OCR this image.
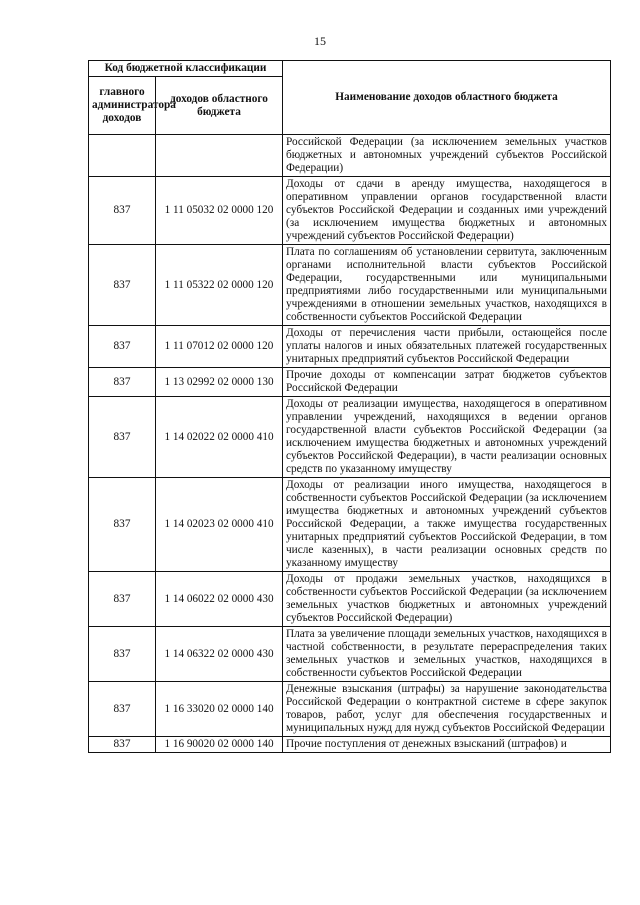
15
Код бюджетной классификации		Наименование доходов областного бюджета
главного администратора доходов	доходов областного бюджета	
		Российской Федерации (за исключением земельных участков бюджетных и автономных учреждений субъектов Российской Федерации)
837	1 11 05032 02 0000 120	Доходы от сдачи в аренду имущества, находящегося в оперативном управлении органов государственной власти субъектов Российской Федерации и созданных ими учреждений (за исключением имущества бюджетных и автономных учреждений субъектов Российской Федерации)
837	1 11 05322 02 0000 120	Плата по соглашениям об установлении сервитута, заключенным органами исполнительной власти субъектов Российской Федерации, государственными или муниципальными предприятиями либо государственными или муниципальными учреждениями в отношении земельных участков, находящихся в собственности субъектов Российской Федерации
837	1 11 07012 02 0000 120	Доходы от перечисления части прибыли, остающейся после уплаты налогов и иных обязательных платежей государственных унитарных предприятий субъектов Российской Федерации
837	1 13 02992 02 0000 130	Прочие доходы от компенсации затрат бюджетов субъектов Российской Федерации
837	1 14 02022 02 0000 410	Доходы от реализации имущества, находящегося в оперативном управлении учреждений, находящихся в ведении органов государственной власти субъектов Российской Федерации (за исключением имущества бюджетных и автономных учреждений субъектов Российской Федерации), в части реализации основных средств по указанному имуществу
837	1 14 02023 02 0000 410	Доходы от реализации иного имущества, находящегося в собственности субъектов Российской Федерации (за исключением имущества бюджетных и автономных учреждений субъектов Российской Федерации, а также имущества государственных унитарных предприятий субъектов Российской Федерации, в том числе казенных), в части реализации основных средств по указанному имуществу
837	1 14 06022 02 0000 430	Доходы от продажи земельных участков, находящихся в собственности субъектов Российской Федерации (за исключением земельных участков бюджетных и автономных учреждений субъектов Российской Федерации)
837	1 14 06322 02 0000 430	Плата за увеличение площади земельных участков, находящихся в частной собственности, в результате перераспределения таких земельных участков и земельных участков, находящихся в собственности субъектов Российской Федерации
837	1 16 33020 02 0000 140	Денежные взыскания (штрафы) за нарушение законодательства Российской Федерации о контрактной системе в сфере закупок товаров, работ, услуг для обеспечения государственных и муниципальных нужд для нужд субъектов Российской Федерации
837	1 16 90020 02 0000 140	Прочие поступления от денежных взысканий (штрафов) и
